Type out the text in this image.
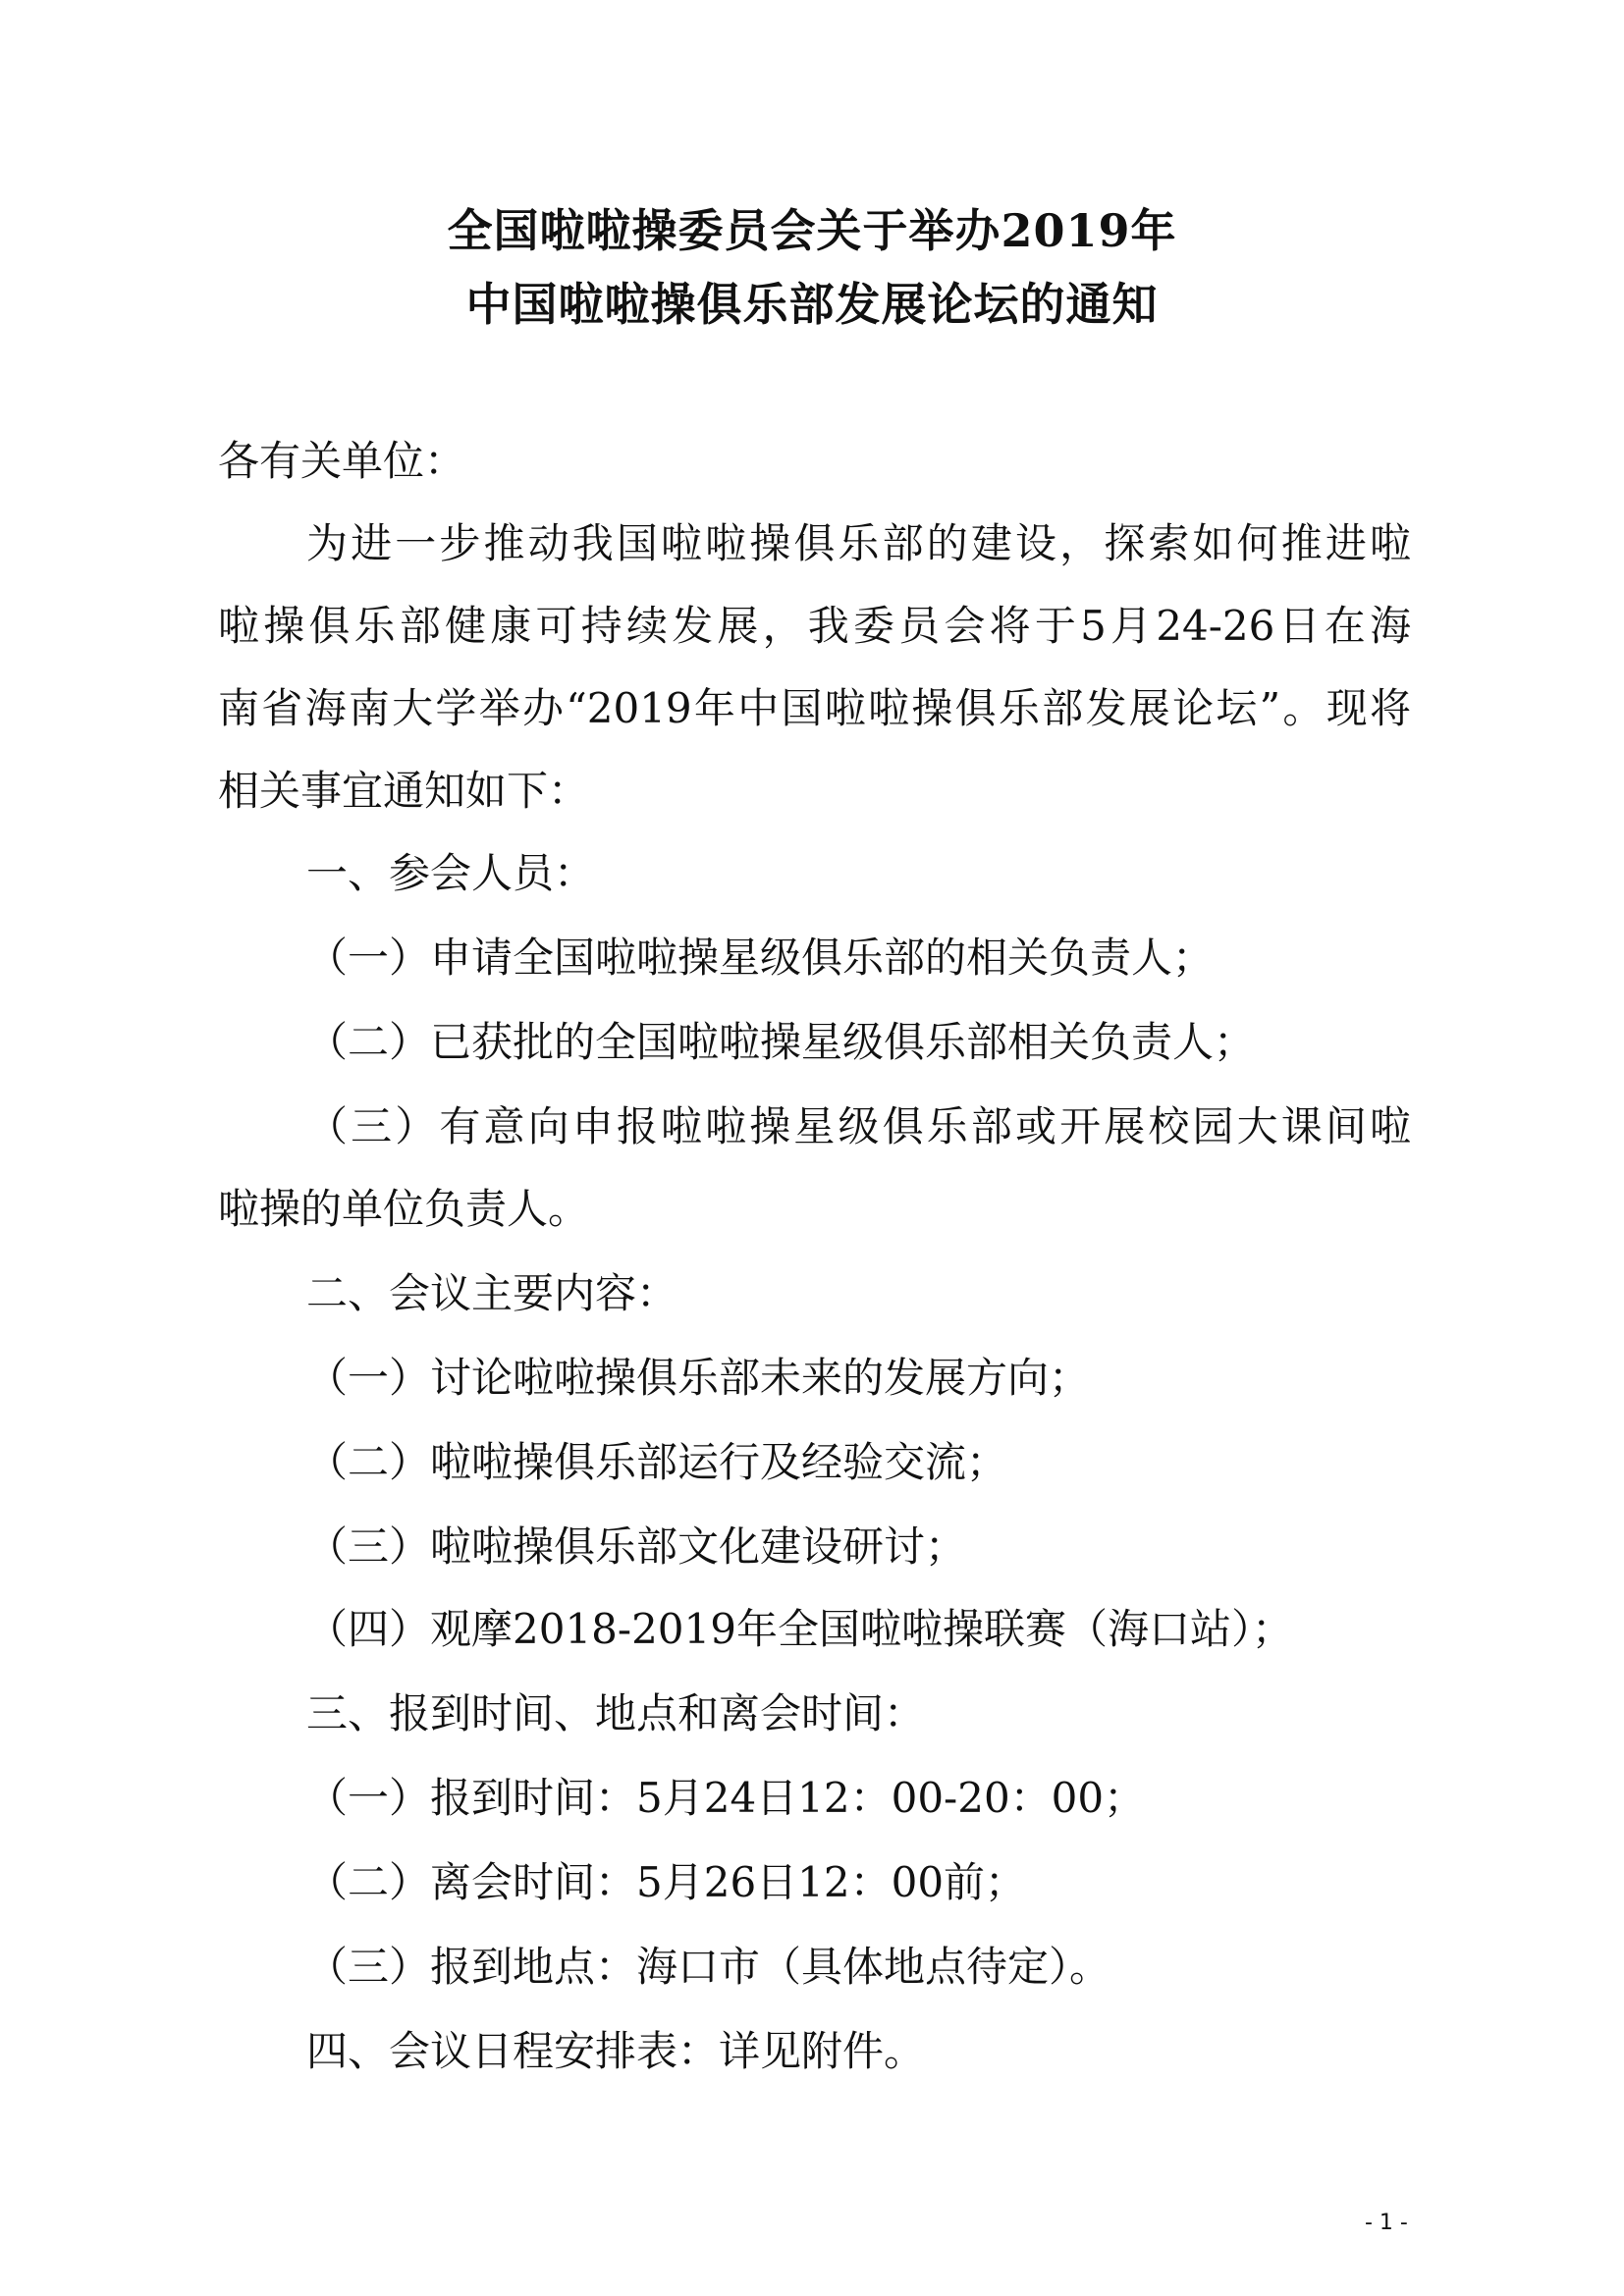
全国啦啦操委员会关于举办2019年
中国啦啦操俱乐部发展论坛的通知
各有关单位：
为进一步推动我国啦啦操俱乐部的建设，探索如何推进啦
啦操俱乐部健康可持续发展，我委员会将于5月24-26日在海
南省海南大学举办“2019年中国啦啦操俱乐部发展论坛”。现将
相关事宜通知如下：
一、参会人员：
（一）申请全国啦啦操星级俱乐部的相关负责人；
（二）已获批的全国啦啦操星级俱乐部相关负责人；
（三）有意向申报啦啦操星级俱乐部或开展校园大课间啦
啦操的单位负责人。
二、会议主要内容：
（一）讨论啦啦操俱乐部未来的发展方向；
（二）啦啦操俱乐部运行及经验交流；
（三）啦啦操俱乐部文化建设研讨；
（四）观摩2018-2019年全国啦啦操联赛（海口站）；
三、报到时间、地点和离会时间：
（一）报到时间：5月24日12：00-20：00；
（二）离会时间：5月26日12：00前；
（三）报到地点：海口市（具体地点待定）。
四、会议日程安排表：详见附件。
- 1 -
